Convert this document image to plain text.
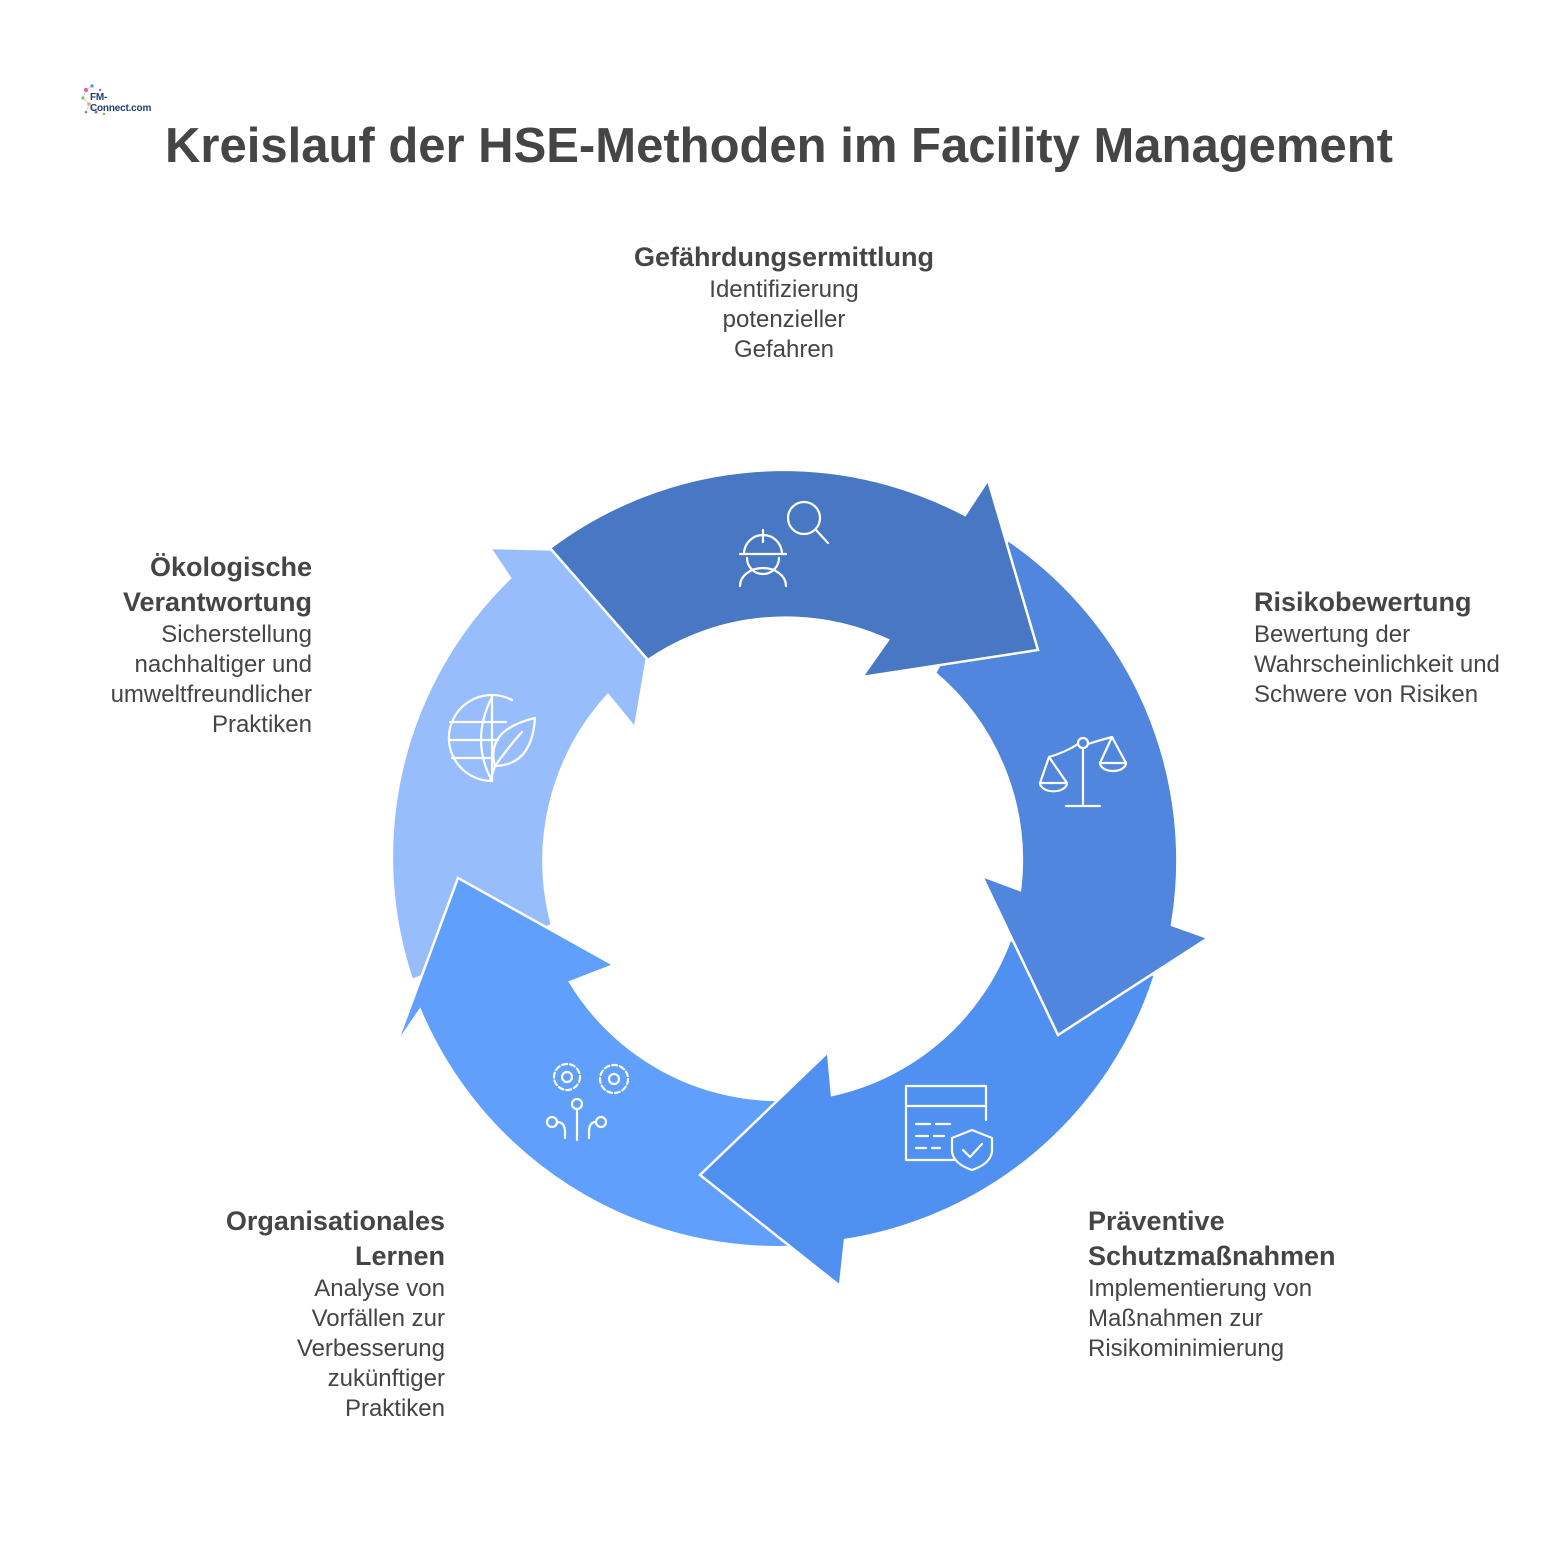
FM-Connect.com
Kreislauf der HSE-Methoden im Facility Management
Gefährdungsermittlung
Identifizierung potenzieller Gefahren
Risikobewertung
Bewertung der Wahrscheinlichkeit und Schwere von Risiken
Präventive Schutzmaßnahmen
Implementierung von Maßnahmen zur Risikominimierung
Organisationales Lernen
Analyse von Vorfällen zur Verbesserung zukünftiger Praktiken
Ökologische Verantwortung
Sicherstellung nachhaltiger und umweltfreundlicher Praktiken
